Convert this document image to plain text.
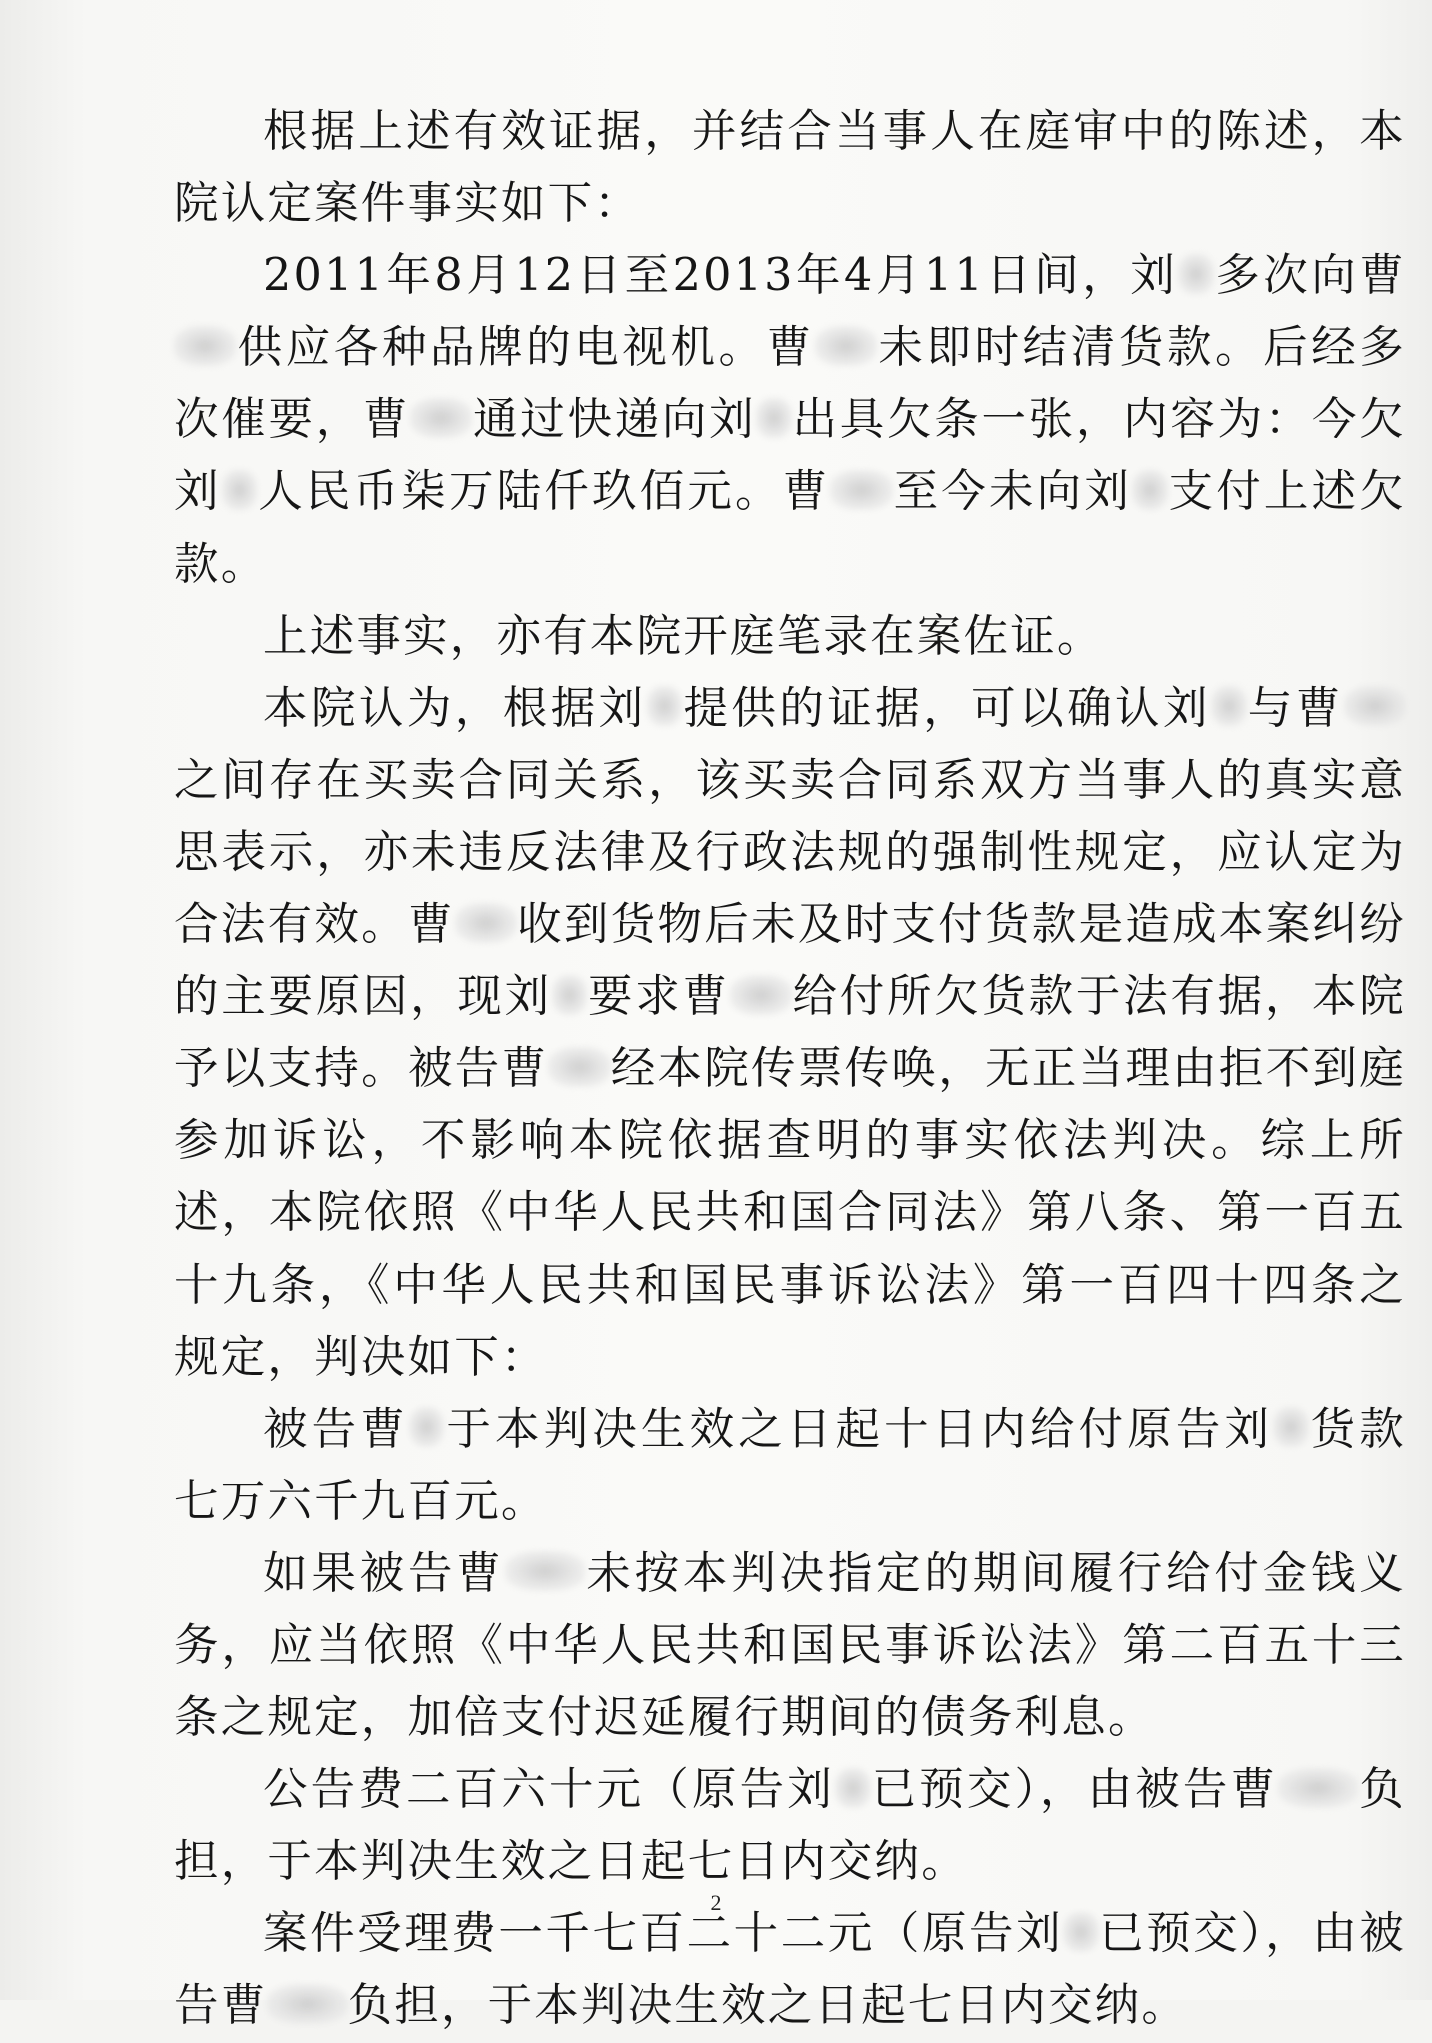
根据上述有效证据，并结合当事人在庭审中的陈述，本院认定案件事实如下：

2011年8月12日至2013年4月11日间，刘 多次向曹供应各种品牌的电视机。曹 未即时结清货款。后经多次催要，曹 通过快递向刘 出具欠条一张，内容为：今欠刘 人民币柒万陆仟玖佰元。曹 至今未向刘 支付上述欠款。

上述事实，亦有本院开庭笔录在案佐证。

本院认为，根据刘 提供的证据，可以确认刘 与曹之间存在买卖合同关系，该买卖合同系双方当事人的真实意思表示，亦未违反法律及行政法规的强制性规定，应认定为合法有效。曹 收到货物后未及时支付货款是造成本案纠纷的主要原因，现刘 要求曹 给付所欠货款于法有据，本院予以支持。被告曹 经本院传票传唤，无正当理由拒不到庭参加诉讼，不影响本院依据查明的事实依法判决。综上所述，本院依照《中华人民共和国合同法》第八条、第一百五十九条，《中华人民共和国民事诉讼法》第一百四十四条之规定，判决如下：

被告曹 于本判决生效之日起十日内给付原告刘 货款七万六千九百元。

如果被告曹 未按本判决指定的期间履行给付金钱义务，应当依照《中华人民共和国民事诉讼法》第二百五十三条之规定，加倍支付迟延履行期间的债务利息。

公告费二百六十元（原告刘 已预交），由被告曹 负担，于本判决生效之日起七日内交纳。

案件受理费一千七百二十二元（原告刘 已预交），由被告曹 负担，于本判决生效之日起七日内交纳。

2
